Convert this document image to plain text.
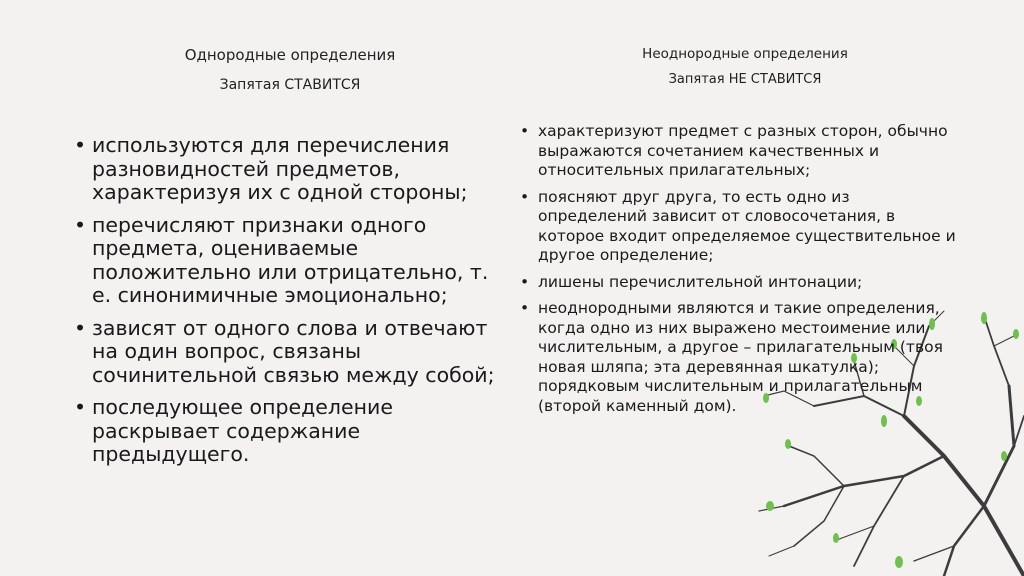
Однородные определения
Запятая СТАВИТСЯ
Неоднородные определения
Запятая НЕ СТАВИТСЯ
• используются для перечисления разновидностей предметов, характеризуя их с одной стороны;
• перечисляют признаки одного предмета, оцениваемые положительно или отрицательно, т. е. синонимичные эмоционально;
• зависят от одного слова и отвечают на один вопрос, связаны сочинительной связью между собой;
• последующее определение раскрывает содержание предыдущего.
• характеризуют предмет с разных сторон, обычно выражаются сочетанием качественных и относительных прилагательных;
• поясняют друг друга, то есть одно из определений зависит от словосочетания, в которое входит определяемое существительное и другое определение;
• лишены перечислительной интонации;
• неоднородными являются и такие определения, когда одно из них выражено местоимение или числительным, а другое – прилагательным (твоя новая шляпа; эта деревянная шкатулка); порядковым числительным и прилагательным (второй каменный дом).
